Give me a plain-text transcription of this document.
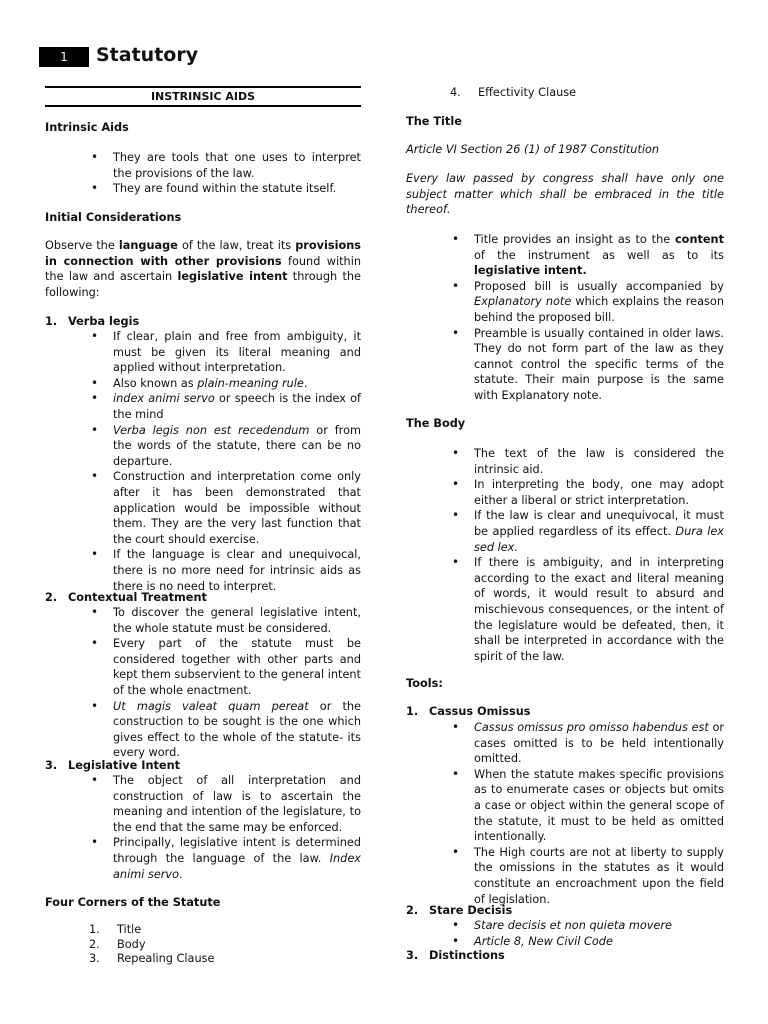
1	Statutory
INSTRINSIC AIDS
Intrinsic Aids
• They are tools that one uses to interpret the provisions of the law.
• They are found within the statute itself.
Initial Considerations

Observe the language of the law, treat its provisions in connection with other provisions found within the law and ascertain legislative intent through the following:

1. Verba legis
• If clear, plain and free from ambiguity, it must be given its literal meaning and applied without interpretation.
• Also known as plain-meaning rule.
• index animi servo or speech is the index of the mind
• Verba legis non est recedendum or from the words of the statute, there can be no departure.
• Construction and interpretation come only after it has been demonstrated that application would be impossible without them. They are the very last function that the court should exercise.
• If the language is clear and unequivocal, there is no more need for intrinsic aids as there is no need to interpret.
2. Contextual Treatment
• To discover the general legislative intent, the whole statute must be considered.
• Every part of the statute must be considered together with other parts and kept them subservient to the general intent of the whole enactment.
• Ut magis valeat quam pereat or the construction to be sought is the one which gives effect to the whole of the statute- its every word.
3. Legislative Intent
• The object of all interpretation and construction of law is to ascertain the meaning and intention of the legislature, to the end that the same may be enforced.
• Principally, legislative intent is determined through the language of the law. Index animi servo.
Four Corners of the Statute
1.	Title
2.	Body
3.	Repealing Clause
4.	Effectivity Clause
The Title

Article VI Section 26 (1) of 1987 Constitution

Every law passed by congress shall have only one subject matter which shall be embraced in the title thereof.

• Title provides an insight as to the content of the instrument as well as to its legislative intent.
• Proposed bill is usually accompanied by Explanatory note which explains the reason behind the proposed bill.
• Preamble is usually contained in older laws. They do not form part of the law as they cannot control the specific terms of the statute. Their main purpose is the same with Explanatory note.
The Body
• The text of the law is considered the intrinsic aid.
• In interpreting the body, one may adopt either a liberal or strict interpretation.
• If the law is clear and unequivocal, it must be applied regardless of its effect. Dura lex sed lex.
• If there is ambiguity, and in interpreting according to the exact and literal meaning of words, it would result to absurd and mischievous consequences, or the intent of the legislature would be defeated, then, it shall be interpreted in accordance with the spirit of the law.
Tools:
1. Cassus Omissus
• Cassus omissus pro omisso habendus est or cases omitted is to be held intentionally omitted.
• When the statute makes specific provisions as to enumerate cases or objects but omits a case or object within the general scope of the statute, it must to be held as omitted intentionally.
• The High courts are not at liberty to supply the omissions in the statutes as it would constitute an encroachment upon the field of legislation.
2. Stare Decisis
• Stare decisis et non quieta movere
• Article 8, New Civil Code
3. Distinctions
